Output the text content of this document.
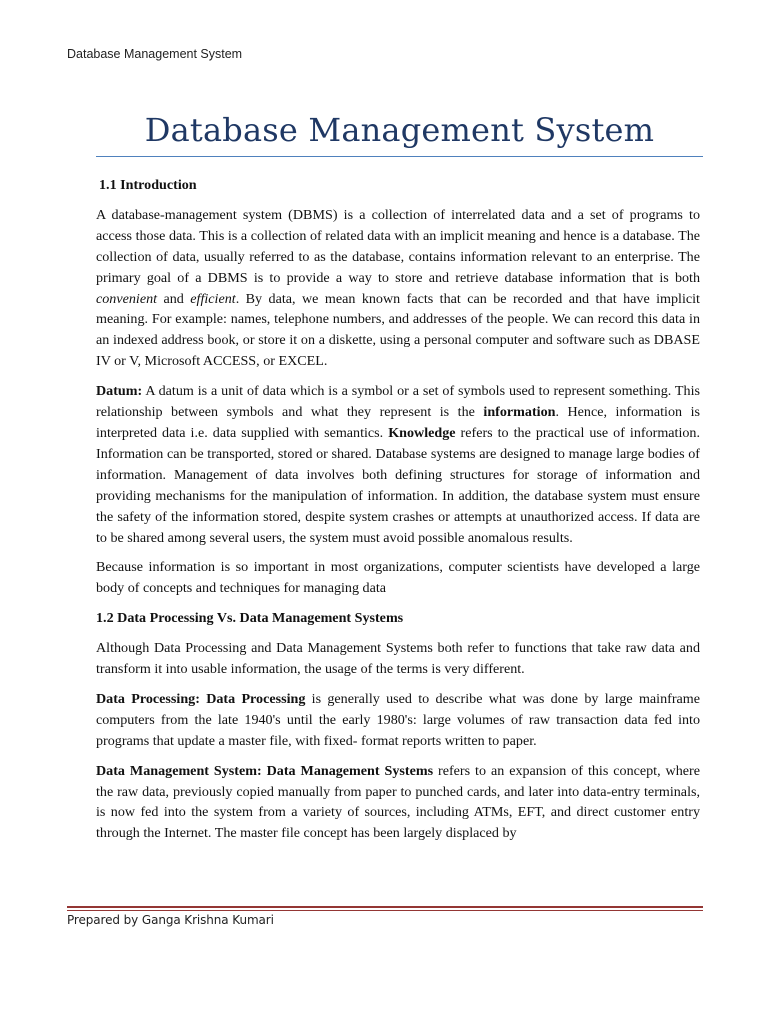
Database Management System
Database Management System
1.1 Introduction

A database-management system (DBMS) is a collection of interrelated data and a set of programs to access those data. This is a collection of related data with an implicit meaning and hence is a database. The collection of data, usually referred to as the database, contains information relevant to an enterprise. The primary goal of a DBMS is to provide a way to store and retrieve database information that is both convenient and efficient. By data, we mean known facts that can be recorded and that have implicit meaning. For example: names, telephone numbers, and addresses of the people. We can record this data in an indexed address book, or store it on a diskette, using a personal computer and software such as DBASE IV or V, Microsoft ACCESS, or EXCEL.

Datum: A datum is a unit of data which is a symbol or a set of symbols used to represent something. This relationship between symbols and what they represent is the information. Hence, information is interpreted data i.e. data supplied with semantics. Knowledge refers to the practical use of information. Information can be transported, stored or shared. Database systems are designed to manage large bodies of information. Management of data involves both defining structures for storage of information and providing mechanisms for the manipulation of information. In addition, the database system must ensure the safety of the information stored, despite system crashes or attempts at unauthorized access. If data are to be shared among several users, the system must avoid possible anomalous results.

Because information is so important in most organizations, computer scientists have developed a large body of concepts and techniques for managing data

1.2 Data Processing Vs. Data Management Systems

Although Data Processing and Data Management Systems both refer to functions that take raw data and transform it into usable information, the usage of the terms is very different.

Data Processing: Data Processing is generally used to describe what was done by large mainframe computers from the late 1940's until the early 1980's: large volumes of raw transaction data fed into programs that update a master file, with fixed- format reports written to paper.

Data Management System: Data Management Systems refers to an expansion of this concept, where the raw data, previously copied manually from paper to punched cards, and later into data-entry terminals, is now fed into the system from a variety of sources, including ATMs, EFT, and direct customer entry through the Internet. The master file concept has been largely displaced by

Prepared by Ganga Krishna Kumari
